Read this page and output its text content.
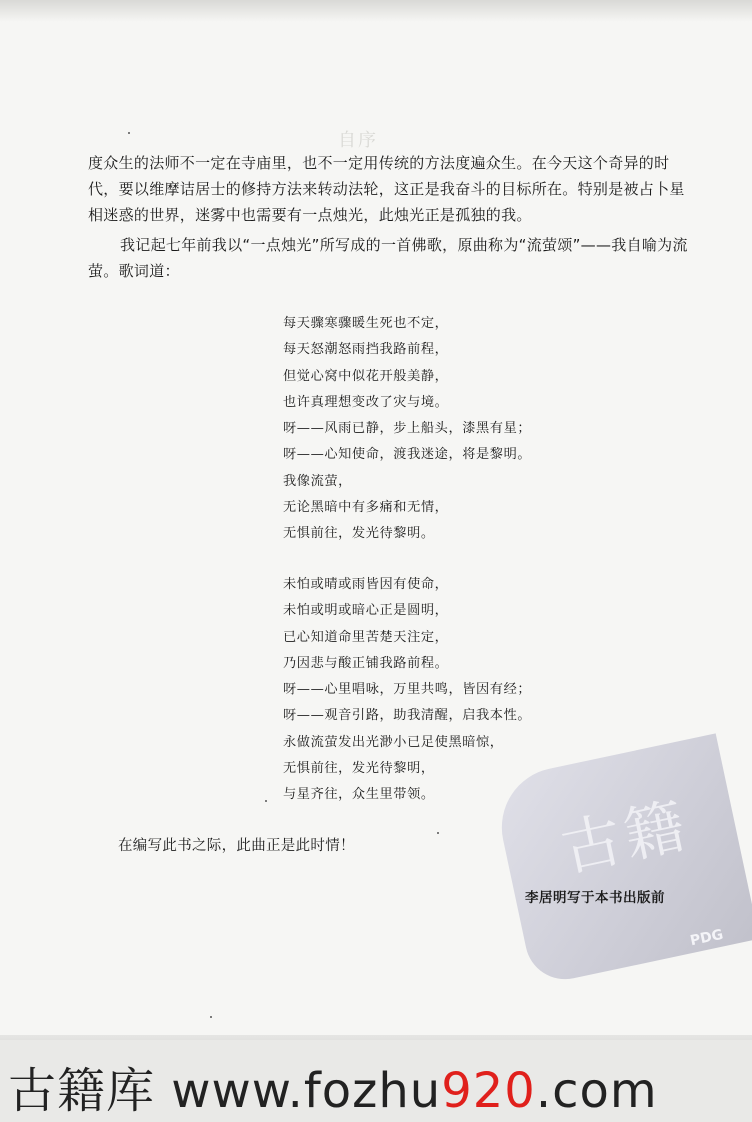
自序
度众生的法师不一定在寺庙里，也不一定用传统的方法度遍众生。在今天这个奇异的时代，要以维摩诘居士的修持方法来转动法轮，这正是我奋斗的目标所在。特别是被占卜星相迷惑的世界，迷雾中也需要有一点烛光，此烛光正是孤独的我。
我记起七年前我以“一点烛光”所写成的一首佛歌，原曲称为“流萤颂”——我自喻为流萤。歌词道：
每天骤寒骤暖生死也不定，
每天怒潮怒雨挡我路前程，
但觉心窝中似花开般美静，
也许真理想变改了灾与境。
呀——风雨已静，步上船头，漆黑有星；
呀——心知使命，渡我迷途，将是黎明。
我像流萤，
无论黑暗中有多痛和无情，
无惧前往，发光待黎明。
未怕或晴或雨皆因有使命，
未怕或明或暗心正是圆明，
已心知道命里苦楚天注定，
乃因悲与酸正铺我路前程。
呀——心里唱咏，万里共鸣，皆因有经；
呀——观音引路，助我清醒，启我本性。
永做流萤发出光渺小已足使黑暗惊，
无惧前往，发光待黎明，
与星齐往，众生里带领。
在编写此书之际，此曲正是此时情！	古籍
PDG
李居明写于本书出版前
古籍库 www.fozhu920.com
